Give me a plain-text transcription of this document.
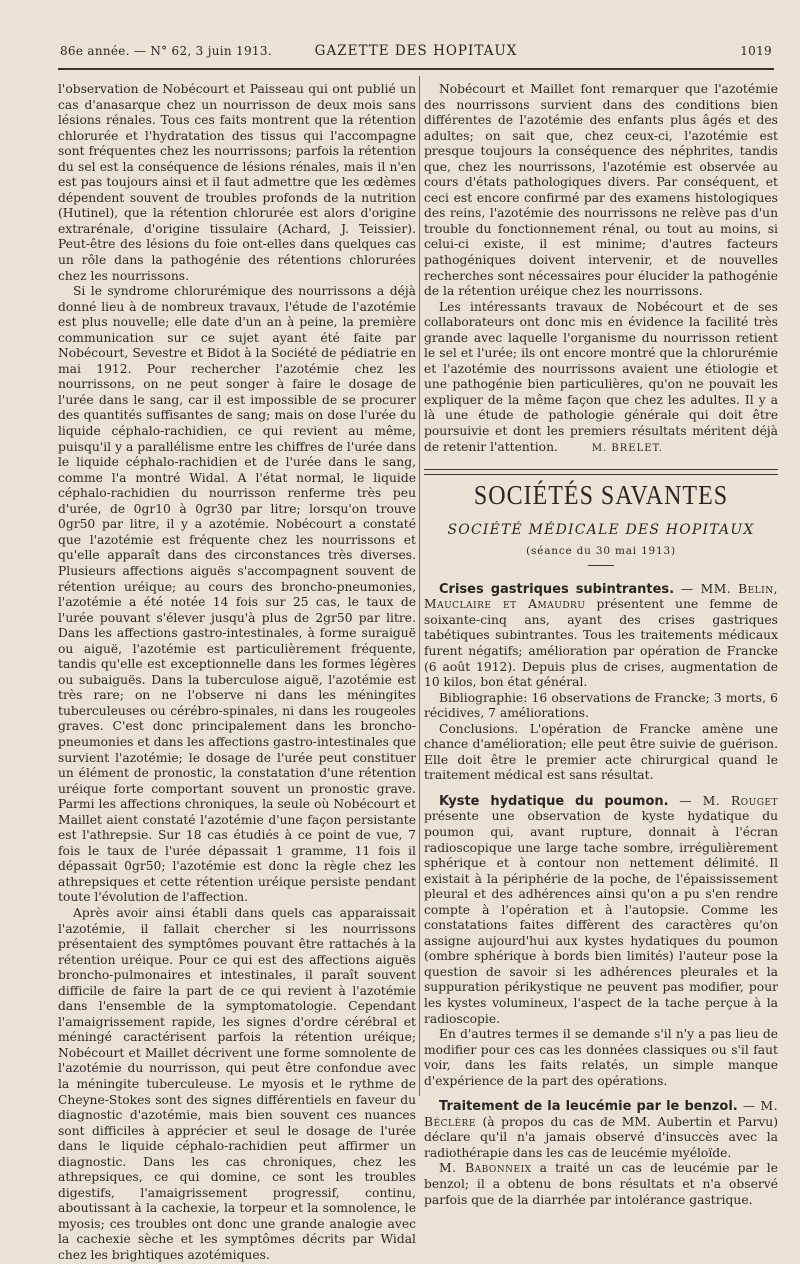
86e année. — N° 62, 3 juin 1913.	GAZETTE DES HOPITAUX	1019

l'observation de Nobécourt et Paisseau qui ont publié un cas d'anasarque chez un nourrisson de deux mois sans lésions rénales. Tous ces faits montrent que la rétention chlorurée et l'hydratation des tissus qui l'accompagne sont fréquentes chez les nourrissons; parfois la rétention du sel est la conséquence de lésions rénales, mais il n'en est pas toujours ainsi et il faut admettre que les œdèmes dépendent souvent de troubles profonds de la nutrition (Hutinel), que la rétention chlorurée est alors d'origine extrarénale, d'origine tissulaire (Achard, J. Teissier). Peut-être des lésions du foie ont-elles dans quelques cas un rôle dans la pathogénie des rétentions chlorurées chez les nourrissons.

Si le syndrome chlorurémique des nourrissons a déjà donné lieu à de nombreux travaux, l'étude de l'azotémie est plus nouvelle; elle date d'un an à peine, la première communication sur ce sujet ayant été faite par Nobécourt, Sevestre et Bidot à la Société de pédiatrie en mai 1912. Pour rechercher l'azotémie chez les nourrissons, on ne peut songer à faire le dosage de l'urée dans le sang, car il est impossible de se procurer des quantités suffisantes de sang; mais on dose l'urée du liquide céphalo-rachidien, ce qui revient au même, puisqu'il y a parallélisme entre les chiffres de l'urée dans le liquide céphalo-rachidien et de l'urée dans le sang, comme l'a montré Widal. A l'état normal, le liquide céphalo-rachidien du nourrisson renferme très peu d'urée, de 0gr10 à 0gr30 par litre; lorsqu'on trouve 0gr50 par litre, il y a azotémie. Nobécourt a constaté que l'azotémie est fréquente chez les nourrissons et qu'elle apparaît dans des circonstances très diverses. Plusieurs affections aiguës s'accompagnent souvent de rétention uréique; au cours des broncho-pneumonies, l'azotémie a été notée 14 fois sur 25 cas, le taux de l'urée pouvant s'élever jusqu'à plus de 2gr50 par litre. Dans les affections gastro-intestinales, à forme suraiguë ou aiguë, l'azotémie est particulièrement fréquente, tandis qu'elle est exceptionnelle dans les formes légères ou subaiguës. Dans la tuberculose aiguë, l'azotémie est très rare; on ne l'observe ni dans les méningites tuberculeuses ou cérébro-spinales, ni dans les rougeoles graves. C'est donc principalement dans les broncho-pneumonies et dans les affections gastro-intestinales que survient l'azotémie; le dosage de l'urée peut constituer un élément de pronostic, la constatation d'une rétention uréique forte comportant souvent un pronostic grave. Parmi les affections chroniques, la seule où Nobécourt et Maillet aient constaté l'azotémie d'une façon persistante est l'athrepsie. Sur 18 cas étudiés à ce point de vue, 7 fois le taux de l'urée dépassait 1 gramme, 11 fois il dépassait 0gr50; l'azotémie est donc la règle chez les athrepsiques et cette rétention uréique persiste pendant toute l'évolution de l'affection.

Après avoir ainsi établi dans quels cas apparaissait l'azotémie, il fallait chercher si les nourrissons présentaient des symptômes pouvant être rattachés à la rétention uréique. Pour ce qui est des affections aiguës broncho-pulmonaires et intestinales, il paraît souvent difficile de faire la part de ce qui revient à l'azotémie dans l'ensemble de la symptomatologie. Cependant l'amaigrissement rapide, les signes d'ordre cérébral et méningé caractérisent parfois la rétention uréique; Nobécourt et Maillet décrivent une forme somnolente de l'azotémie du nourrisson, qui peut être confondue avec la méningite tuberculeuse. Le myosis et le rythme de Cheyne-Stokes sont des signes différentiels en faveur du diagnostic d'azotémie, mais bien souvent ces nuances sont difficiles à apprécier et seul le dosage de l'urée dans le liquide céphalo-rachidien peut affirmer un diagnostic. Dans les cas chroniques, chez les athrepsiques, ce qui domine, ce sont les troubles digestifs, l'amaigrissement progressif, continu, aboutissant à la cachexie, la torpeur et la somnolence, le myosis; ces troubles ont donc une grande analogie avec la cachexie sèche et les symptômes décrits par Widal chez les brightiques azotémiques.

Nobécourt et Maillet font remarquer que l'azotémie des nourrissons survient dans des conditions bien différentes de l'azotémie des enfants plus âgés et des adultes; on sait que, chez ceux-ci, l'azotémie est presque toujours la conséquence des néphrites, tandis que, chez les nourrissons, l'azotémie est observée au cours d'états pathologiques divers. Par conséquent, et ceci est encore confirmé par des examens histologiques des reins, l'azotémie des nourrissons ne relève pas d'un trouble du fonctionnement rénal, ou tout au moins, si celui-ci existe, il est minime; d'autres facteurs pathogéniques doivent intervenir, et de nouvelles recherches sont nécessaires pour élucider la pathogénie de la rétention uréique chez les nourrissons.

Les intéressants travaux de Nobécourt et de ses collaborateurs ont donc mis en évidence la facilité très grande avec laquelle l'organisme du nourrisson retient le sel et l'urée; ils ont encore montré que la chlorurémie et l'azotémie des nourrissons avaient une étiologie et une pathogénie bien particulières, qu'on ne pouvait les expliquer de la même façon que chez les adultes. Il y a là une étude de pathologie générale qui doit être poursuivie et dont les premiers résultats méritent déjà de retenir l'attention.	M. BRELET.

SOCIÉTÉS SAVANTES
SOCIÉTÉ MÉDICALE DES HOPITAUX
(séance du 30 mai 1913)

Crises gastriques subintrantes. — MM. Belin, Mauclaire et Amaudru présentent une femme de soixante-cinq ans, ayant des crises gastriques tabétiques subintrantes. Tous les traitements médicaux furent négatifs; amélioration par opération de Francke (6 août 1912). Depuis plus de crises, augmentation de 10 kilos, bon état général.

Bibliographie: 16 observations de Francke; 3 morts, 6 récidives, 7 améliorations.

Conclusions. L'opération de Francke amène une chance d'amélioration; elle peut être suivie de guérison. Elle doit être le premier acte chirurgical quand le traitement médical est sans résultat.

Kyste hydatique du poumon. — M. Rouget présente une observation de kyste hydatique du poumon qui, avant rupture, donnait à l'écran radioscopique une large tache sombre, irrégulièrement sphérique et à contour non nettement délimité. Il existait à la périphérie de la poche, de l'épaississement pleural et des adhérences ainsi qu'on a pu s'en rendre compte à l'opération et à l'autopsie. Comme les constatations faites diffèrent des caractères qu'on assigne aujourd'hui aux kystes hydatiques du poumon (ombre sphérique à bords bien limités) l'auteur pose la question de savoir si les adhérences pleurales et la suppuration périkystique ne peuvent pas modifier, pour les kystes volumineux, l'aspect de la tache perçue à la radioscopie.

En d'autres termes il se demande s'il n'y a pas lieu de modifier pour ces cas les données classiques ou s'il faut voir, dans les faits relatés, un simple manque d'expérience de la part des opérations.

Traitement de la leucémie par le benzol. — M. Béclère (à propos du cas de MM. Aubertin et Parvu) déclare qu'il n'a jamais observé d'insuccès avec la radiothérapie dans les cas de leucémie myéloïde.

M. Babonneix a traité un cas de leucémie par le benzol; il a obtenu de bons résultats et n'a observé parfois que de la diarrhée par intolérance gastrique.
